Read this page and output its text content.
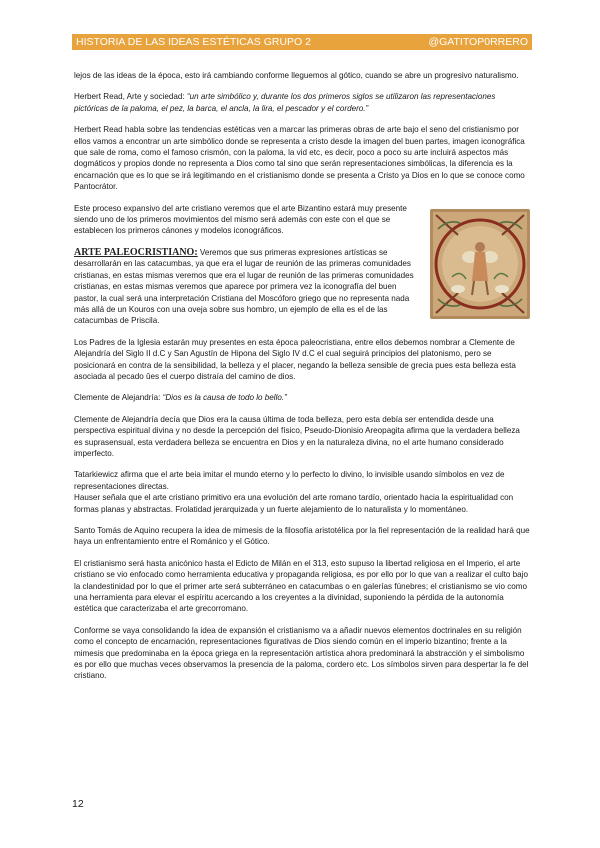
HISTORIA DE LAS IDEAS ESTÉTICAS GRUPO 2	@GATITOP0RRERO

lejos de las ideas de la época, esto irá cambiando conforme lleguemos al gótico, cuando se abre un progresivo naturalismo.

Herbert Read, Arte y sociedad: “un arte simbólico y, durante los dos primeros siglos se utilizaron las representaciones pictóricas de la paloma, el pez, la barca, el ancla, la lira, el pescador y el cordero.”

Herbert Read habla sobre las tendencias estéticas ven a marcar las primeras obras de arte bajo el seno del cristianismo por ellos vamos a encontrar un arte simbólico donde se representa a cristo desde la imagen del buen partes, imagen iconográfica que sale de roma, como el famoso crismón, con la paloma, la vid etc, es decir, poco a poco su arte incluirá aspectos más dogmáticos y propios donde no representa a Dios como tal sino que serán representaciones simbólicas, la diferencia es la encarnación que es lo que se irá legitimando en el cristianismo donde se presenta a Cristo ya Dios en lo que se conoce como Pantocrátor.

Este proceso expansivo del arte cristiano veremos que el arte Bizantino estará muy presente siendo uno de los primeros movimientos del mismo será además con este con el que se establecen los primeros cánones y modelos iconográficos.

ARTE PALEOCRISTIANO: Veremos que sus primeras expresiones artísticas se desarrollarán en las catacumbas, ya que era el lugar de reunión de las primeras comunidades cristianas, en estas mismas veremos que era el lugar de reunión de las primeras comunidades cristianas, en estas mismas veremos que aparece por primera vez la iconografía del buen pastor, la cual será una interpretación Cristiana del Moscóforo griego que no representa nada más allá de un Kouros con una oveja sobre sus hombro, un ejemplo de ella es el de las catacumbas de Priscila.

Los Padres de la Iglesia estarán muy presentes en esta época paleocristiana, entre ellos debemos nombrar a Clemente de Alejandría del Siglo II d.C y San Agustín de Hipona del Siglo IV d.C el cual seguirá principios del platonismo, pero se posicionará en contra de la sensibilidad, la belleza y el placer, negando la belleza sensible de grecia pues esta belleza esta asociada al pecado ûes el cuerpo distraía del camino de dios.

Clemente de Alejandría: “Dios es la causa de todo lo bello.”

Clemente de Alejandría decía que Dios era la causa última de toda belleza, pero esta debía ser entendida desde una perspectiva espiritual divina y no desde la percepción del físico, Pseudo-Dionisio Areopagita afirma que la verdadera belleza es suprasensual, esta verdadera belleza se encuentra en Dios y en la naturaleza divina, no el arte humano considerado imperfecto.

Tatarkiewicz afirma que el arte beia imitar el mundo eterno y lo perfecto lo divino, lo invisible usando símbolos en vez de representaciones directas.

Hauser señala que el arte cristiano primitivo era una evolución del arte romano tardío, orientado hacia la espiritualidad con formas planas y abstractas. Frolatidad jerarquizada y un fuerte alejamiento de lo naturalista y lo momentáneo.

Santo Tomás de Aquino recupera la idea de mimesis de la filosofía aristotélica por la fiel representación de la realidad hará que haya un enfrentamiento entre el Románico y el Gótico.

El cristianismo será hasta anicónico hasta el Edicto de Milán en el 313, esto supuso la libertad religiosa en el Imperio, el arte cristiano se vio enfocado como herramienta educativa y propaganda religiosa, es por ello por lo que van a realizar el culto bajo la clandestinidad por lo que el primer arte será subterráneo en catacumbas o en galerías fúnebres; el cristianismo se vio como una herramienta para elevar el espíritu acercando a los creyentes a la divinidad, suponiendo la pérdida de la autonomía estética que caracterizaba el arte grecorromano.

Conforme se vaya consolidando la idea de expansión el cristianismo va a añadir nuevos elementos doctrinales en su religión como el concepto de encarnación, representaciones figurativas de Dios siendo común en el imperio bizantino; frente a la mimesis que predominaba en la época griega en la representación artística ahora predominará la abstracción y el simbolismo es por ello que muchas veces observamos la presencia de la paloma, cordero etc. Los símbolos sirven para despertar la fe del cristiano.

12
